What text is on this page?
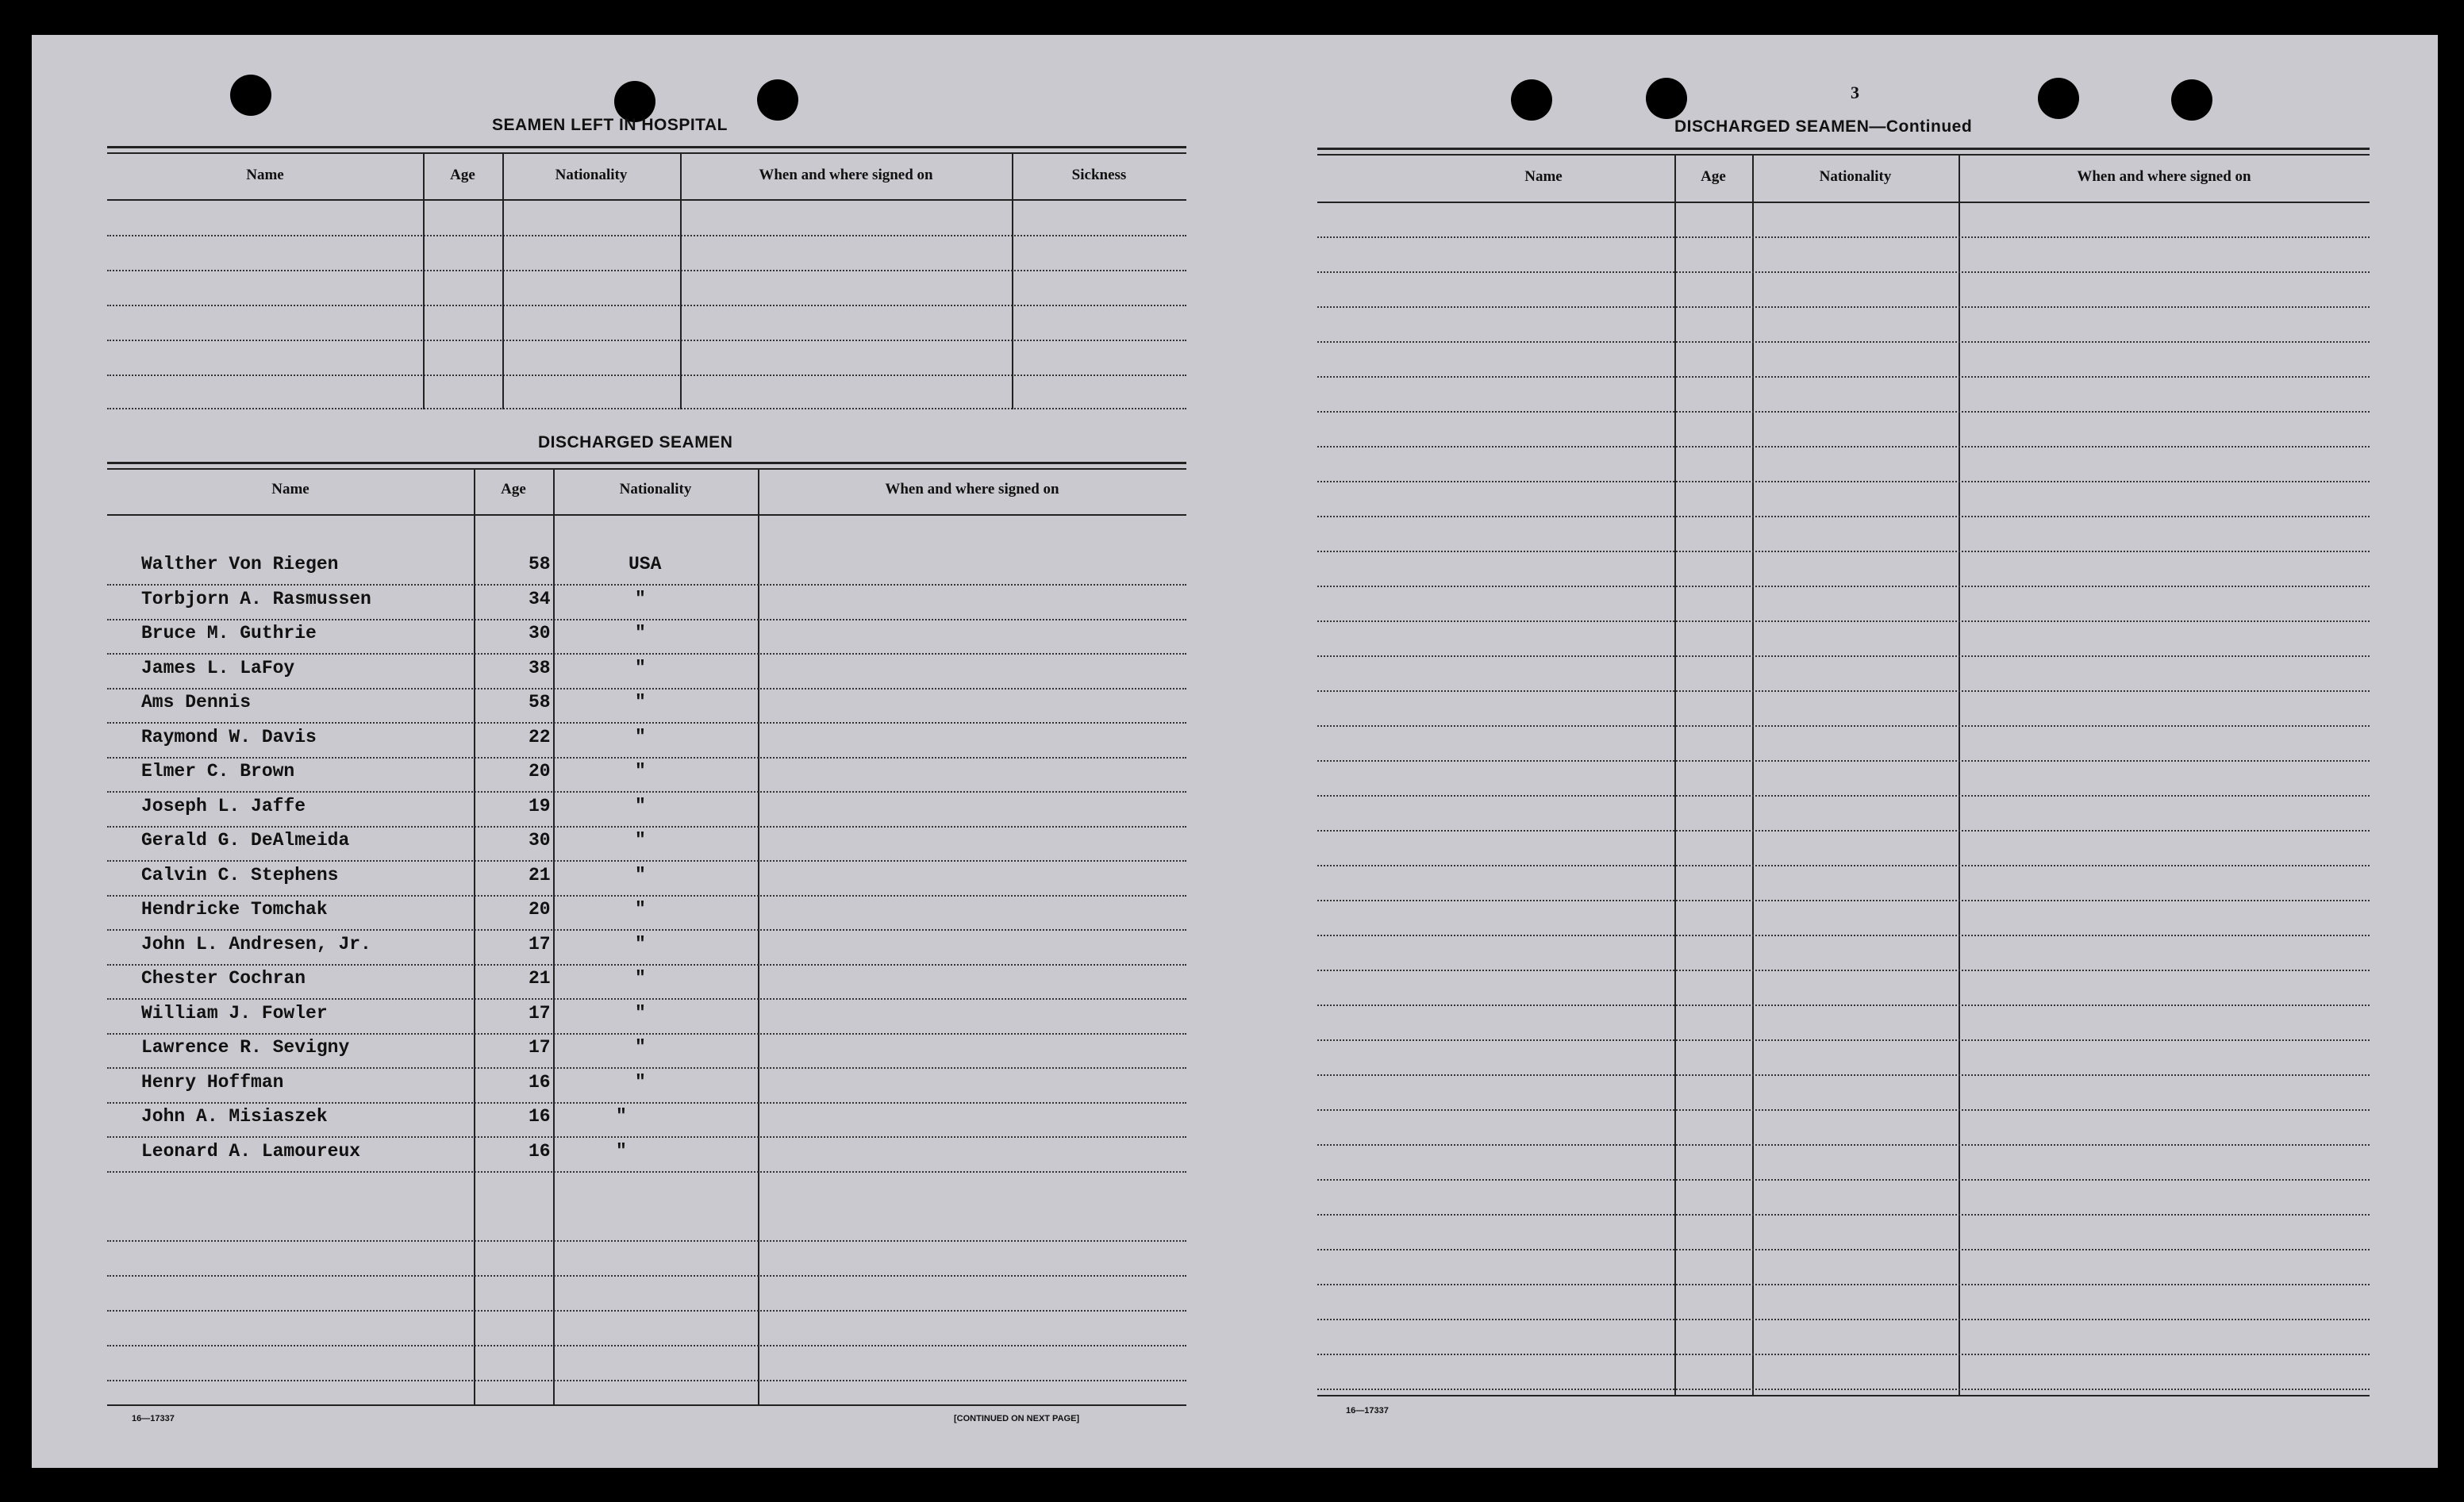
SEAMEN LEFT IN HOSPITAL
Name	Age	Nationality	When and where signed on	Sickness
DISCHARGED SEAMEN
Name	Age	Nationality	When and where signed on
Walther Von Riegen	58	USA
Torbjorn A. Rasmussen	34	"
Bruce M. Guthrie	30	"
James L. LaFoy	38	"
Ams Dennis	58	"
Raymond W. Davis	22	"
Elmer C. Brown	20	"
Joseph L. Jaffe	19	"
Gerald G. DeAlmeida	30	"
Calvin C. Stephens	21	"
Hendricke Tomchak	20	"
John L. Andresen, Jr.	17	"
Chester Cochran	21	"
William J. Fowler	17	"
Lawrence R. Sevigny	17	"
Henry Hoffman	16	"
John A. Misiaszek	16	"
Leonard A. Lamoureux	16	"
16—17337	[CONTINUED ON NEXT PAGE]
3
DISCHARGED SEAMEN—Continued
Name	Age	Nationality	When and where signed on
16—17337
